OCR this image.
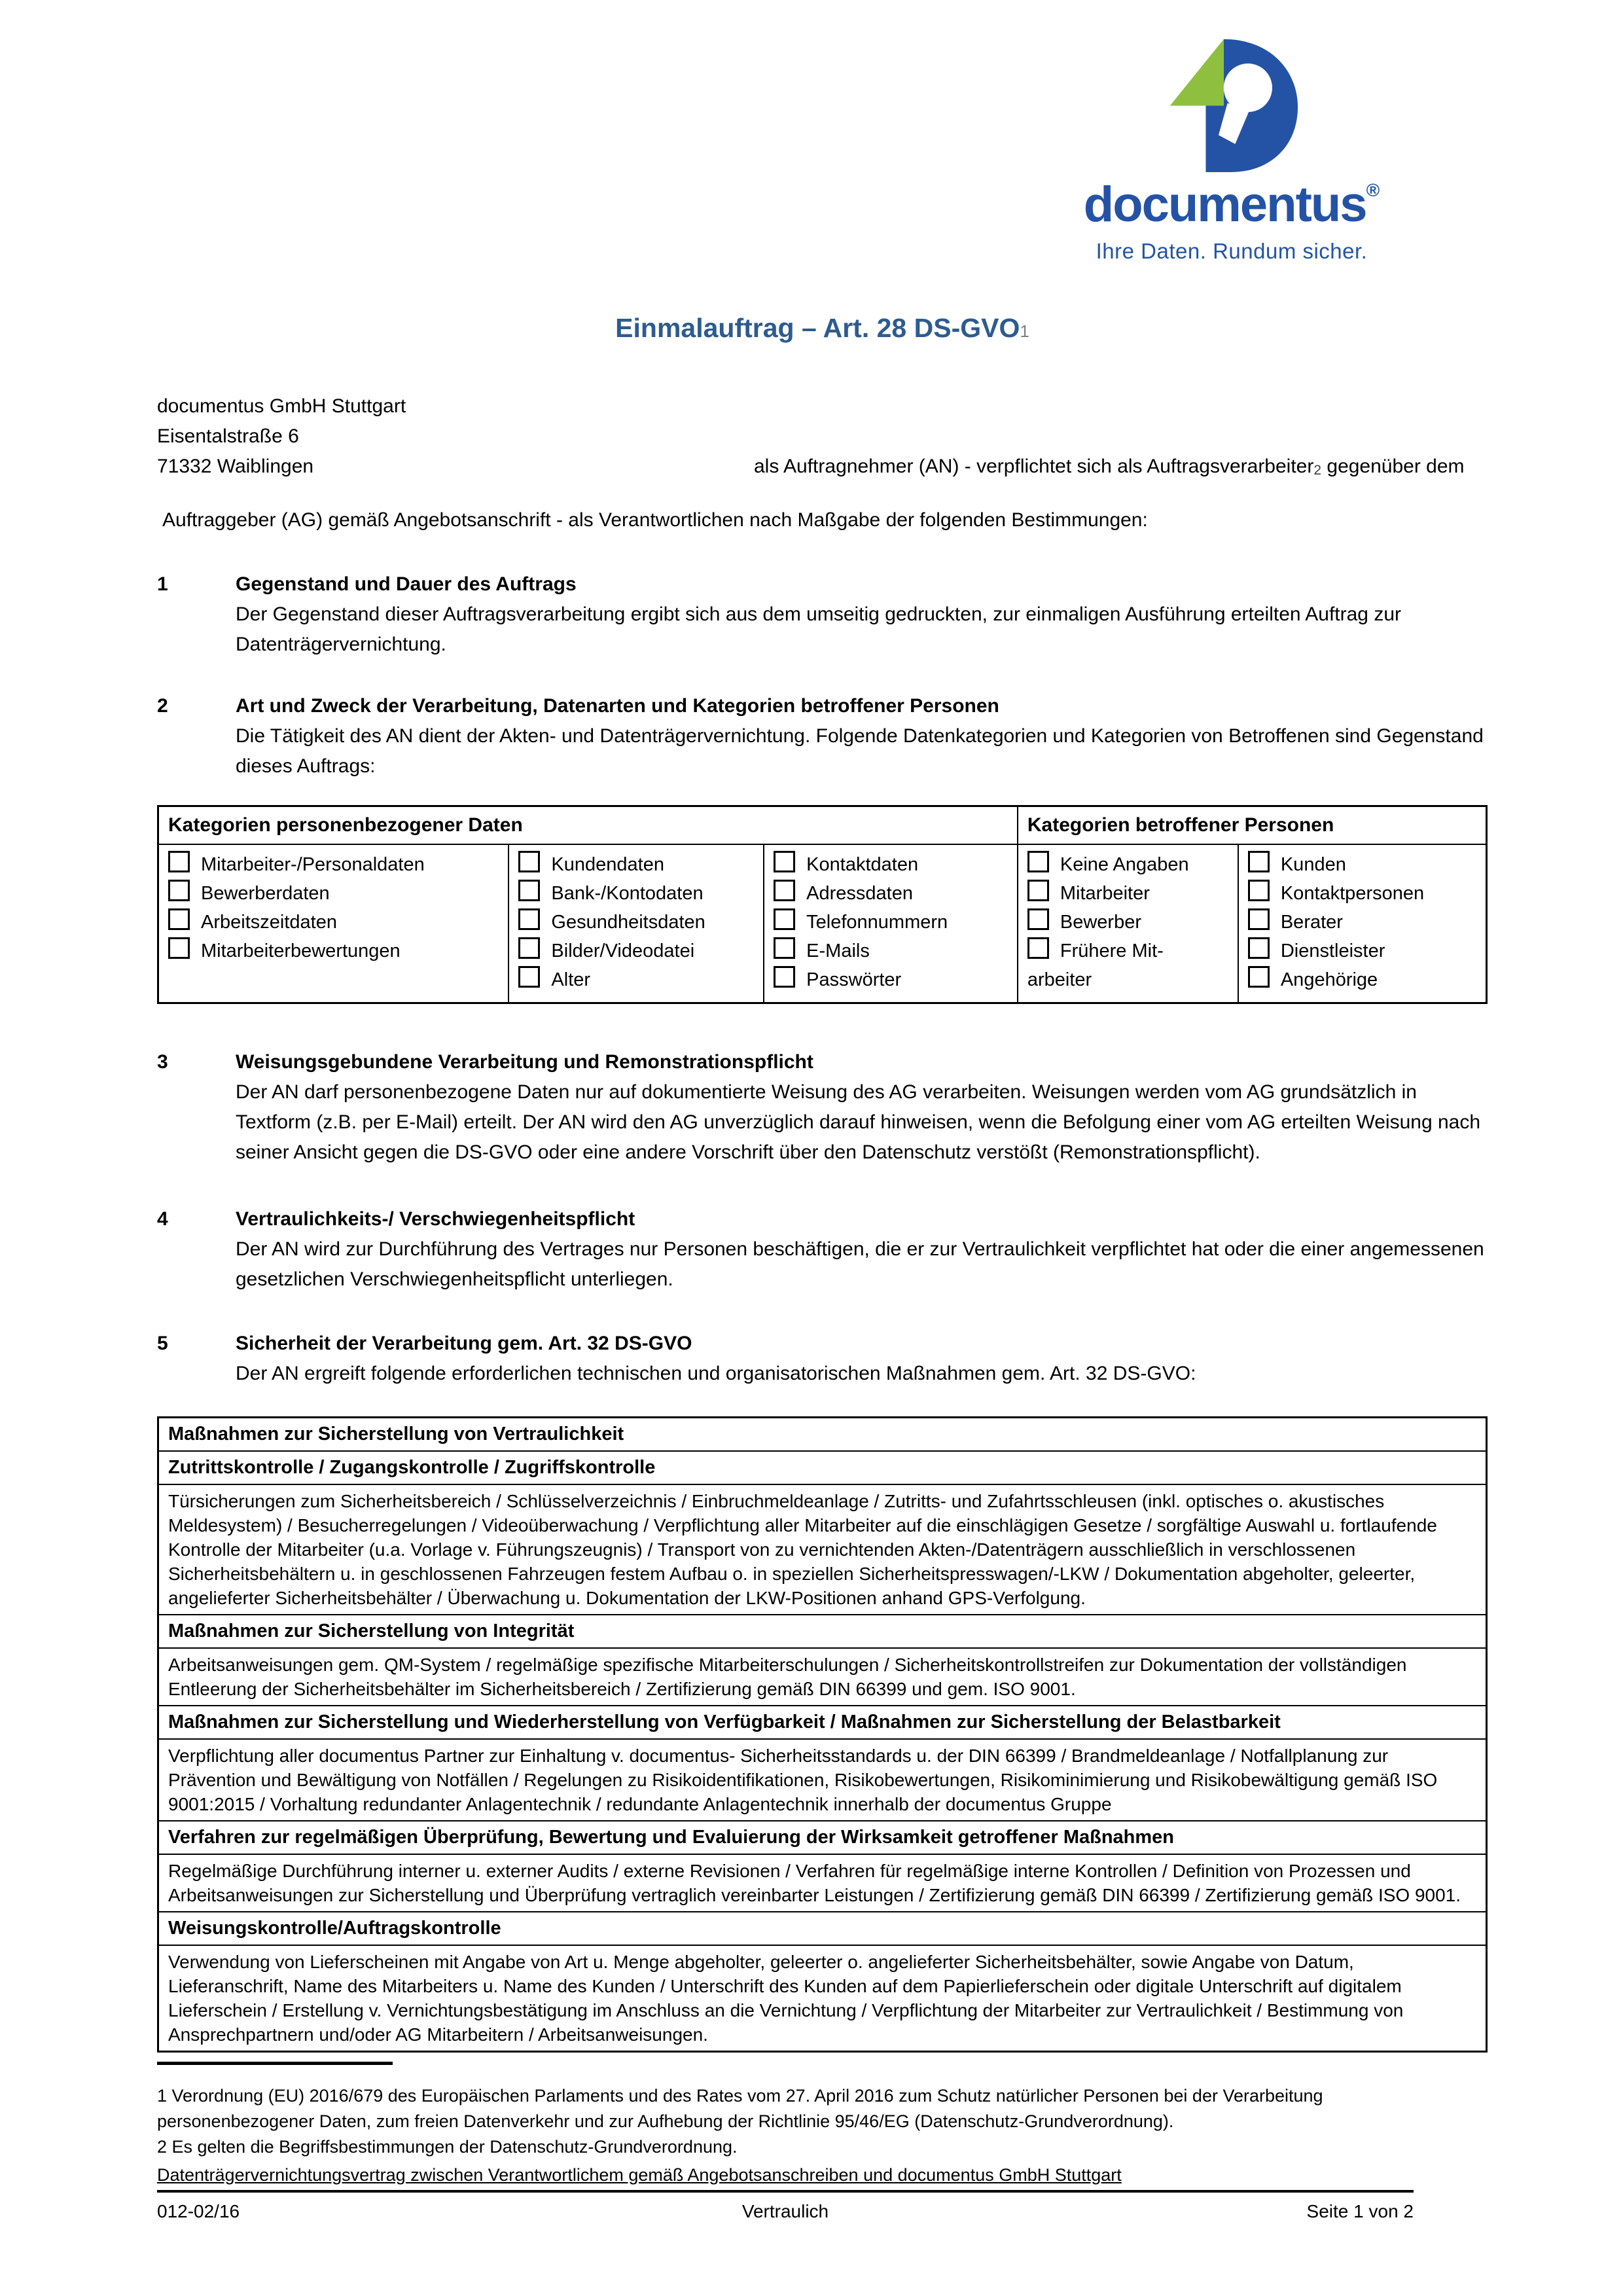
documentus®
Ihre Daten. Rundum sicher.
Einmalauftrag – Art. 28 DS-GVO1
documentus GmbH Stuttgart
Eisentalstraße 6
71332 Waiblingen	als Auftragnehmer (AN) - verpflichtet sich als Auftragsverarbeiter2 gegenüber dem
Auftraggeber (AG) gemäß Angebotsanschrift - als Verantwortlichen nach Maßgabe der folgenden Bestimmungen:
1	Gegenstand und Dauer des Auftrags
Der Gegenstand dieser Auftragsverarbeitung ergibt sich aus dem umseitig gedruckten, zur einmaligen Ausführung erteilten Auftrag zur Datenträgervernichtung.
2	Art und Zweck der Verarbeitung, Datenarten und Kategorien betroffener Personen
Die Tätigkeit des AN dient der Akten- und Datenträgervernichtung. Folgende Datenkategorien und Kategorien von Betroffenen sind Gegenstand dieses Auftrags:
Kategorien personenbezogener Daten			Kategorien betroffener Personen	

Mitarbeiter-/Personaldaten
Bewerberdaten
Arbeitszeitdaten
Mitarbeiterbewertungen

Kundendaten
Bank-/Kontodaten
Gesundheitsdaten
Bilder/Videodatei
Alter

Kontaktdaten
Adressdaten
Telefonnummern
E-Mails
Passwörter

Keine Angaben
Mitarbeiter
Bewerber
Frühere Mit-
arbeiter

Kunden
Kontaktpersonen
Berater
Dienstleister
Angehörige
3	Weisungsgebundene Verarbeitung und Remonstrationspflicht
Der AN darf personenbezogene Daten nur auf dokumentierte Weisung des AG verarbeiten. Weisungen werden vom AG grundsätzlich in Textform (z.B. per E-Mail) erteilt. Der AN wird den AG unverzüglich darauf hinweisen, wenn die Befolgung einer vom AG erteilten Weisung nach seiner Ansicht gegen die DS-GVO oder eine andere Vorschrift über den Datenschutz verstößt (Remonstrationspflicht).
4	Vertraulichkeits-/ Verschwiegenheitspflicht
Der AN wird zur Durchführung des Vertrages nur Personen beschäftigen, die er zur Vertraulichkeit verpflichtet hat oder die einer angemessenen gesetzlichen Verschwiegenheitspflicht unterliegen.
5	Sicherheit der Verarbeitung gem. Art. 32 DS-GVO
Der AN ergreift folgende erforderlichen technischen und organisatorischen Maßnahmen gem. Art. 32 DS-GVO:
Maßnahmen zur Sicherstellung von Vertraulichkeit
Zutrittskontrolle / Zugangskontrolle / Zugriffskontrolle
Türsicherungen zum Sicherheitsbereich / Schlüsselverzeichnis / Einbruchmeldeanlage / Zutritts- und Zufahrtsschleusen (inkl. optisches o. akustisches Meldesystem) / Besucherregelungen / Videoüberwachung / Verpflichtung aller Mitarbeiter auf die einschlägigen Gesetze / sorgfältige Auswahl u. fortlaufende Kontrolle der Mitarbeiter (u.a. Vorlage v. Führungszeugnis) / Transport von zu vernichtenden Akten-/Datenträgern ausschließlich in verschlossenen Sicherheitsbehältern u. in geschlossenen Fahrzeugen festem Aufbau o. in speziellen Sicherheitspresswagen/-LKW / Dokumentation abgeholter, geleerter, angelieferter Sicherheitsbehälter / Überwachung u. Dokumentation der LKW-Positionen anhand GPS-Verfolgung.
Maßnahmen zur Sicherstellung von Integrität
Arbeitsanweisungen gem. QM-System / regelmäßige spezifische Mitarbeiterschulungen / Sicherheitskontrollstreifen zur Dokumentation der vollständigen Entleerung der Sicherheitsbehälter im Sicherheitsbereich / Zertifizierung gemäß DIN 66399 und gem. ISO 9001.
Maßnahmen zur Sicherstellung und Wiederherstellung von Verfügbarkeit / Maßnahmen zur Sicherstellung der Belastbarkeit
Verpflichtung aller documentus Partner zur Einhaltung v. documentus- Sicherheitsstandards u. der DIN 66399 / Brandmeldeanlage / Notfallplanung zur Prävention und Bewältigung von Notfällen / Regelungen zu Risikoidentifikationen, Risikobewertungen, Risikominimierung und Risikobewältigung gemäß ISO 9001:2015 / Vorhaltung redundanter Anlagentechnik / redundante Anlagentechnik innerhalb der documentus Gruppe
Verfahren zur regelmäßigen Überprüfung, Bewertung und Evaluierung der Wirksamkeit getroffener Maßnahmen
Regelmäßige Durchführung interner u. externer Audits / externe Revisionen / Verfahren für regelmäßige interne Kontrollen / Definition von Prozessen und Arbeitsanweisungen zur Sicherstellung und Überprüfung vertraglich vereinbarter Leistungen / Zertifizierung gemäß DIN 66399 / Zertifizierung gemäß ISO 9001.
Weisungskontrolle/Auftragskontrolle
Verwendung von Lieferscheinen mit Angabe von Art u. Menge abgeholter, geleerter o. angelieferter Sicherheitsbehälter, sowie Angabe von Datum, Lieferanschrift, Name des Mitarbeiters u. Name des Kunden / Unterschrift des Kunden auf dem Papierlieferschein oder digitale Unterschrift auf digitalem Lieferschein / Erstellung v. Vernichtungsbestätigung im Anschluss an die Vernichtung / Verpflichtung der Mitarbeiter zur Vertraulichkeit / Bestimmung von Ansprechpartnern und/oder AG Mitarbeitern / Arbeitsanweisungen.
1 Verordnung (EU) 2016/679 des Europäischen Parlaments und des Rates vom 27. April 2016 zum Schutz natürlicher Personen bei der Verarbeitung personenbezogener Daten, zum freien Datenverkehr und zur Aufhebung der Richtlinie 95/46/EG (Datenschutz-Grundverordnung).
2 Es gelten die Begriffsbestimmungen der Datenschutz-Grundverordnung.
Datenträgervernichtungsvertrag zwischen Verantwortlichem gemäß Angebotsanschreiben und documentus GmbH Stuttgart
012-02/16	Vertraulich	Seite 1 von 2
